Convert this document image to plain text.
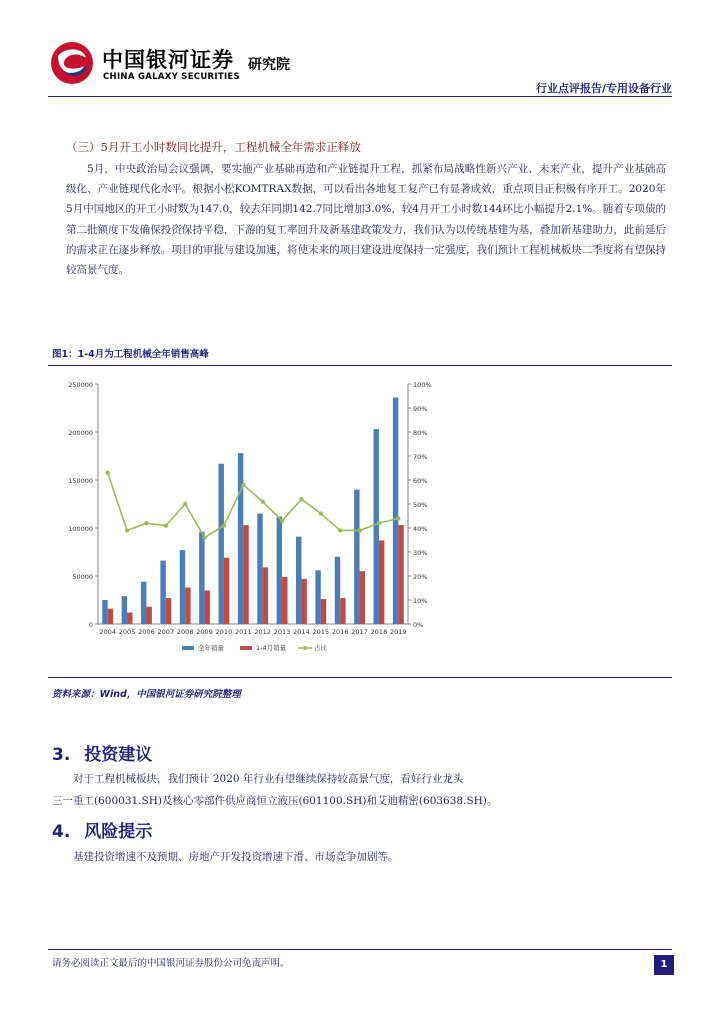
中国银河证券
CHINA GALAXY SECURITIES
研究院
行业点评报告/专用设备行业
（三）5月开工小时数同比提升，工程机械全年需求正释放

5月，中央政治局会议强调，要实施产业基础再造和产业链提升工程，抓紧布局战略性新兴产业、未来产业，提升产业基础高级化、产业链现代化水平。根据小松KOMTRAX数据，可以看出各地复工复产已有显著成效，重点项目正积极有序开工。2020年5月中国地区的开工小时数为147.0，较去年同期142.7同比增加3.0%，较4月开工小时数144环比小幅提升2.1%。随着专项债的第二批额度下发确保投资保持平稳，下游的复工率回升及新基建政策发力，我们认为以传统基建为基，叠加新基建助力，此前延后的需求正在逐步释放。项目的审批与建设加速，将使未来的项目建设进度保持一定强度，我们预计工程机械板块二季度将有望保持较高景气度。

图1：1-4月为工程机械全年销售高峰
0
50000
100000
150000
200000
250000
0%
10%
20%
30%
40%
50%
60%
70%
80%
90%
100%
2004 2005 2006 2007 2008 2009 2010 2011 2012 2013 2014 2015 2016 2017 2018 2019
全年销量	1-4月销量	占比
资料来源：Wind，中国银河证券研究院整理
3. 投资建议

对于工程机械板块，我们预计 2020 年行业有望继续保持较高景气度，看好行业龙头

三一重工(600031.SH)及核心零部件供应商恒立液压(601100.SH)和艾迪精密(603638.SH)。
4. 风险提示

基建投资增速不及预期、房地产开发投资增速下滑、市场竞争加剧等。

请务必阅读正文最后的中国银河证券股份公司免责声明。	1
